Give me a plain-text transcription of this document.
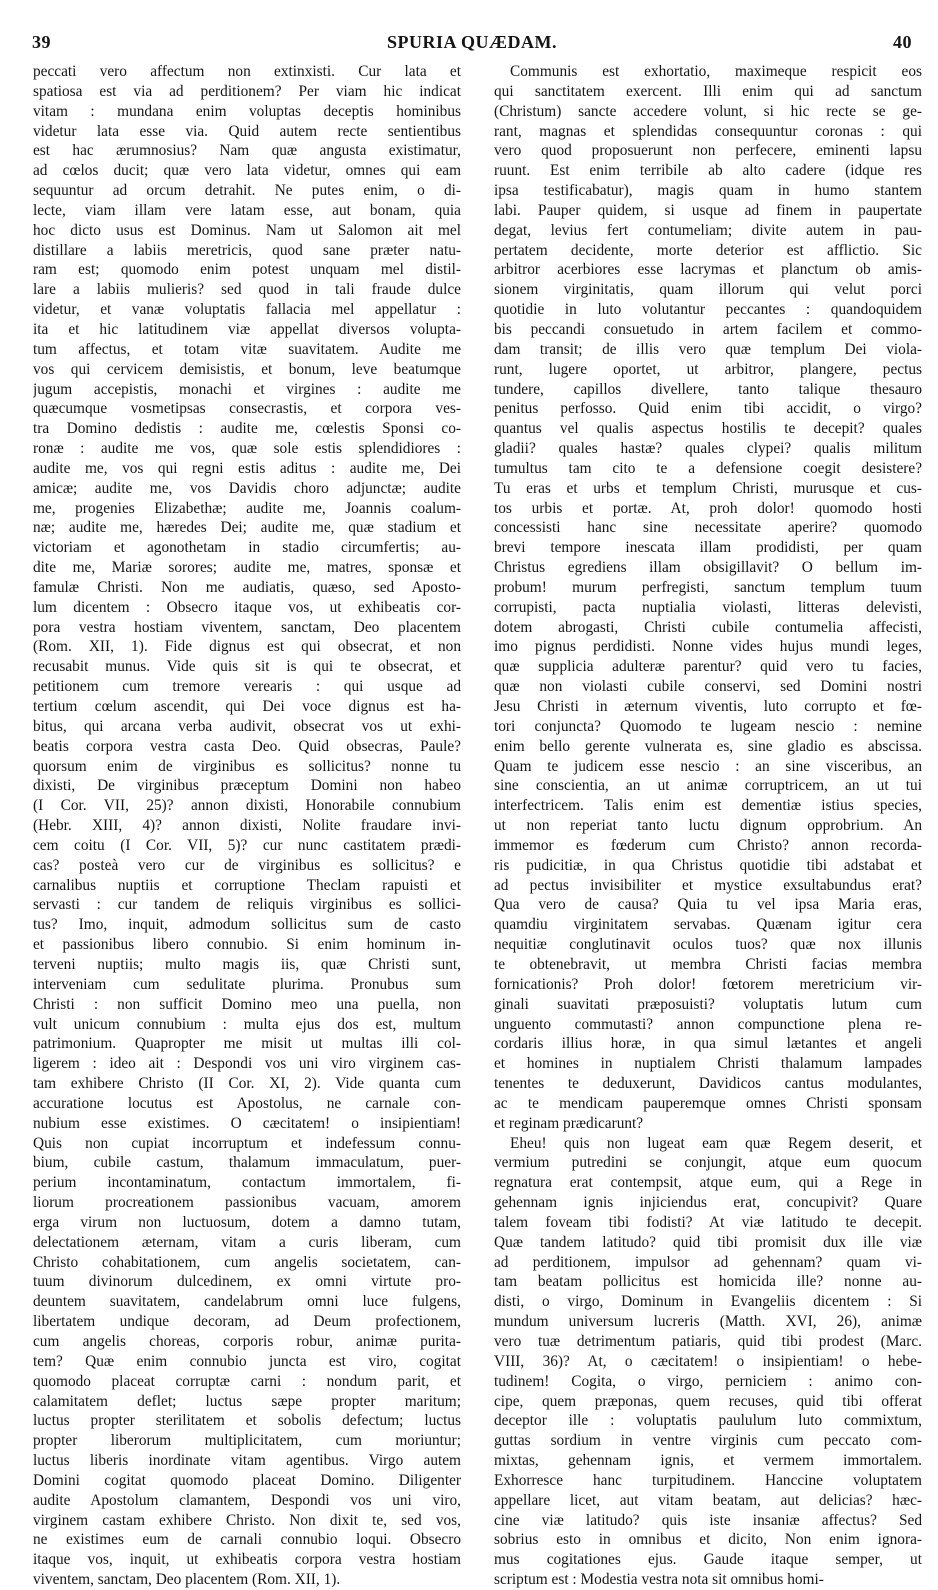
39	SPURIA QUÆDAM.	40
peccati vero affectum non extinxisti. Cur lata et
spatiosa est via ad perditionem? Per viam hic indicat
vitam : mundana enim voluptas deceptis hominibus
videtur lata esse via. Quid autem recte sentientibus
est hac ærumnosius? Nam quæ angusta existimatur,
ad cœlos ducit; quæ vero lata videtur, omnes qui eam
sequuntur ad orcum detrahit. Ne putes enim, o di-
lecte, viam illam vere latam esse, aut bonam, quia
hoc dicto usus est Dominus. Nam ut Salomon ait mel
distillare a labiis meretricis, quod sane præter natu-
ram est; quomodo enim potest unquam mel distil-
lare a labiis mulieris? sed quod in tali fraude dulce
videtur, et vanæ voluptatis fallacia mel appellatur :
ita et hic latitudinem viæ appellat diversos volupta-
tum affectus, et totam vitæ suavitatem. Audite me
vos qui cervicem demisistis, et bonum, leve beatumque
jugum accepistis, monachi et virgines : audite me
quæcumque vosmetipsas consecrastis, et corpora ves-
tra Domino dedistis : audite me, cœlestis Sponsi co-
ronæ : audite me vos, quæ sole estis splendidiores :
audite me, vos qui regni estis aditus : audite me, Dei
amicæ; audite me, vos Davidis choro adjunctæ; audite
me, progenies Elizabethæ; audite me, Joannis coalum-
næ; audite me, hæredes Dei; audite me, quæ stadium et
victoriam et agonothetam in stadio circumfertis; au-
dite me, Mariæ sorores; audite me, matres, sponsæ et
famulæ Christi. Non me audiatis, quæso, sed Aposto-
lum dicentem : Obsecro itaque vos, ut exhibeatis cor-
pora vestra hostiam viventem, sanctam, Deo placentem
(Rom. XII, 1). Fide dignus est qui obsecrat, et non
recusabit munus. Vide quis sit is qui te obsecrat, et
petitionem cum tremore verearis : qui usque ad
tertium cœlum ascendit, qui Dei voce dignus est ha-
bitus, qui arcana verba audivit, obsecrat vos ut exhi-
beatis corpora vestra casta Deo. Quid obsecras, Paule?
quorsum enim de virginibus es sollicitus? nonne tu
dixisti, De virginibus præceptum Domini non habeo
(I Cor. VII, 25)? annon dixisti, Honorabile connubium
(Hebr. XIII, 4)? annon dixisti, Nolite fraudare invi-
cem coitu (I Cor. VII, 5)? cur nunc castitatem prædi-
cas? posteà vero cur de virginibus es sollicitus? e
carnalibus nuptiis et corruptione Theclam rapuisti et
servasti : cur tandem de reliquis virginibus es sollici-
tus? Imo, inquit, admodum sollicitus sum de casto
et passionibus libero connubio. Si enim hominum in-
terveni nuptiis; multo magis iis, quæ Christi sunt,
interveniam cum sedulitate plurima. Pronubus sum
Christi : non sufficit Domino meo una puella, non
vult unicum connubium : multa ejus dos est, multum
patrimonium. Quapropter me misit ut multas illi col-
ligerem : ideo ait : Despondi vos uni viro virginem cas-
tam exhibere Christo (II Cor. XI, 2). Vide quanta cum
accuratione locutus est Apostolus, ne carnale con-
nubium esse existimes. O cæcitatem! o insipientiam!
Quis non cupiat incorruptum et indefessum connu-
bium, cubile castum, thalamum immaculatum, puer-
perium incontaminatum, contactum immortalem, fi-
liorum procreationem passionibus vacuam, amorem
erga virum non luctuosum, dotem a damno tutam,
delectationem æternam, vitam a curis liberam, cum
Christo cohabitationem, cum angelis societatem, can-
tuum divinorum dulcedinem, ex omni virtute pro-
deuntem suavitatem, candelabrum omni luce fulgens,
libertatem undique decoram, ad Deum profectionem,
cum angelis choreas, corporis robur, animæ purita-
tem? Quæ enim connubio juncta est viro, cogitat
quomodo placeat corruptæ carni : nondum parit, et
calamitatem deflet; luctus sæpe propter maritum;
luctus propter sterilitatem et sobolis defectum; luctus
propter liberorum multiplicitatem, cum moriuntur;
luctus liberis inordinate vitam agentibus. Virgo autem
Domini cogitat quomodo placeat Domino. Diligenter
audite Apostolum clamantem, Despondi vos uni viro,
virginem castam exhibere Christo. Non dixit te, sed vos,
ne existimes eum de carnali connubio loqui. Obsecro
itaque vos, inquit, ut exhibeatis corpora vestra hostiam
viventem, sanctam, Deo placentem (Rom. XII, 1).
Communis est exhortatio, maximeque respicit eos
qui sanctitatem exercent. Illi enim qui ad sanctum
(Christum) sancte accedere volunt, si hic recte se ge-
rant, magnas et splendidas consequuntur coronas : qui
vero quod proposuerunt non perfecere, eminenti lapsu
ruunt. Est enim terribile ab alto cadere (idque res
ipsa testificabatur), magis quam in humo stantem
labi. Pauper quidem, si usque ad finem in paupertate
degat, levius fert contumeliam; divite autem in pau-
pertatem decidente, morte deterior est afflictio. Sic
arbitror acerbiores esse lacrymas et planctum ob amis-
sionem virginitatis, quam illorum qui velut porci
quotidie in luto volutantur peccantes : quandoquidem
bis peccandi consuetudo in artem facilem et commo-
dam transit; de illis vero quæ templum Dei viola-
runt, lugere oportet, ut arbitror, plangere, pectus
tundere, capillos divellere, tanto talique thesauro
penitus perfosso. Quid enim tibi accidit, o virgo?
quantus vel qualis aspectus hostilis te decepit? quales
gladii? quales hastæ? quales clypei? qualis militum
tumultus tam cito te a defensione coegit desistere?
Tu eras et urbs et templum Christi, murusque et cus-
tos urbis et portæ. At, proh dolor! quomodo hosti
concessisti hanc sine necessitate aperire? quomodo
brevi tempore inescata illam prodidisti, per quam
Christus egrediens illam obsigillavit? O bellum im-
probum! murum perfregisti, sanctum templum tuum
corrupisti, pacta nuptialia violasti, litteras delevisti,
dotem abrogasti, Christi cubile contumelia affecisti,
imo pignus perdidisti. Nonne vides hujus mundi leges,
quæ supplicia adulteræ parentur? quid vero tu facies,
quæ non violasti cubile conservi, sed Domini nostri
Jesu Christi in æternum viventis, luto corrupto et fœ-
tori conjuncta? Quomodo te lugeam nescio : nemine
enim bello gerente vulnerata es, sine gladio es abscissa.
Quam te judicem esse nescio : an sine visceribus, an
sine conscientia, an ut animæ corruptricem, an ut tui
interfectricem. Talis enim est dementiæ istius species,
ut non reperiat tanto luctu dignum opprobrium. An
immemor es fœderum cum Christo? annon recorda-
ris pudicitiæ, in qua Christus quotidie tibi adstabat et
ad pectus invisibiliter et mystice exsultabundus erat?
Qua vero de causa? Quia tu vel ipsa Maria eras,
quamdiu virginitatem servabas. Quænam igitur cera
nequitiæ conglutinavit oculos tuos? quæ nox illunis
te obtenebravit, ut membra Christi facias membra
fornicationis? Proh dolor! fœtorem meretricium vir-
ginali suavitati præposuisti? voluptatis lutum cum
unguento commutasti? annon compunctione plena re-
cordaris illius horæ, in qua simul lætantes et angeli
et homines in nuptialem Christi thalamum lampades
tenentes te deduxerunt, Davidicos cantus modulantes,
ac te mendicam pauperemque omnes Christi sponsam
et reginam prædicarunt?
Eheu! quis non lugeat eam quæ Regem deserit, et
vermium putredini se conjungit, atque eum quocum
regnatura erat contempsit, atque eum, qui a Rege in
gehennam ignis injiciendus erat, concupivit? Quare
talem foveam tibi fodisti? At viæ latitudo te decepit.
Quæ tandem latitudo? quid tibi promisit dux ille viæ
ad perditionem, impulsor ad gehennam? quam vi-
tam beatam pollicitus est homicida ille? nonne au-
disti, o virgo, Dominum in Evangeliis dicentem : Si
mundum universum lucreris (Matth. XVI, 26), animæ
vero tuæ detrimentum patiaris, quid tibi prodest (Marc.
VIII, 36)? At, o cæcitatem! o insipientiam! o hebe-
tudinem! Cogita, o virgo, perniciem : animo con-
cipe, quem præponas, quem recuses, quid tibi offerat
deceptor ille : voluptatis paululum luto commixtum,
guttas sordium in ventre virginis cum peccato com-
mixtas, gehennam ignis, et vermem immortalem.
Exhorresce hanc turpitudinem. Hanccine voluptatem
appellare licet, aut vitam beatam, aut delicias? hæc-
cine viæ latitudo? quis iste insaniæ affectus? Sed
sobrius esto in omnibus et dicito, Non enim ignora-
mus cogitationes ejus. Gaude itaque semper, ut
scriptum est : Modestia vestra nota sit omnibus homi-
